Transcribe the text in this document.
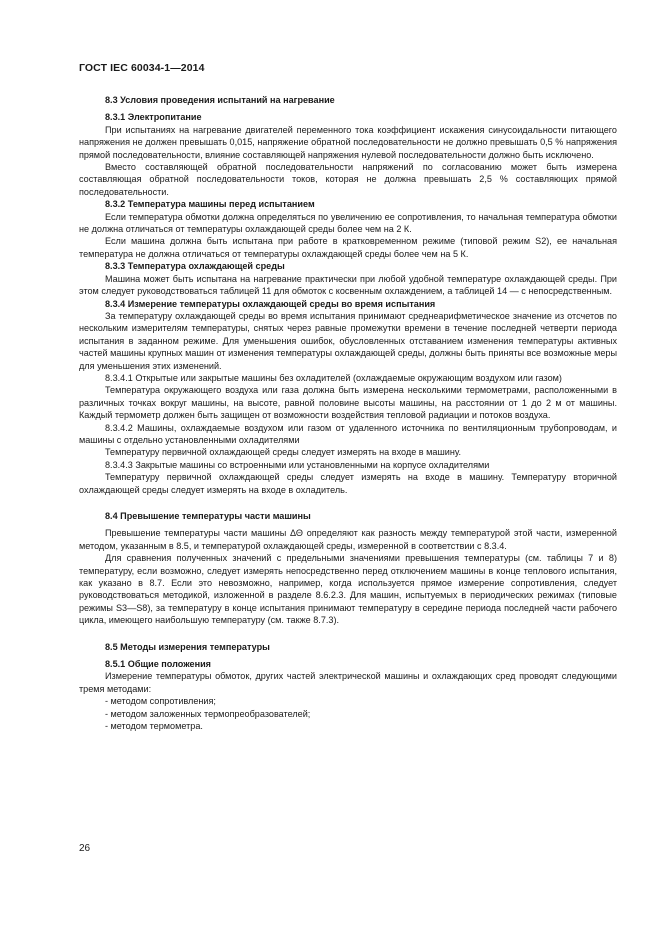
ГОСТ IEC 60034-1—2014
8.3 Условия проведения испытаний на нагревание
8.3.1 Электропитание
При испытаниях на нагревание двигателей переменного тока коэффициент искажения синусоидальности питающего напряжения не должен превышать 0,015, напряжение обратной последовательности не должно превышать 0,5 % напряжения прямой последовательности, влияние составляющей напряжения нулевой последовательности должно быть исключено.
Вместо составляющей обратной последовательности напряжений по согласованию может быть измерена составляющая обратной последовательности токов, которая не должна превышать 2,5 % составляющих прямой последовательности.
8.3.2 Температура машины перед испытанием
Если температура обмотки должна определяться по увеличению ее сопротивления, то начальная температура обмотки не должна отличаться от температуры охлаждающей среды более чем на 2 К.
Если машина должна быть испытана при работе в кратковременном режиме (типовой режим S2), ее начальная температура не должна отличаться от температуры охлаждающей среды более чем на 5 К.
8.3.3 Температура охлаждающей среды
Машина может быть испытана на нагревание практически при любой удобной температуре охлаждающей среды. При этом следует руководствоваться таблицей 11 для обмоток с косвенным охлаждением, а таблицей 14 — с непосредственным.
8.3.4 Измерение температуры охлаждающей среды во время испытания
За температуру охлаждающей среды во время испытания принимают среднеарифметическое значение из отсчетов по нескольким измерителям температуры, снятых через равные промежутки времени в течение последней четверти периода испытания в заданном режиме. Для уменьшения ошибок, обусловленных отставанием изменения температуры активных частей машины крупных машин от изменения температуры охлаждающей среды, должны быть приняты все возможные меры для уменьшения этих изменений.
8.3.4.1 Открытые или закрытые машины без охладителей (охлаждаемые окружающим воздухом или газом)
Температура окружающего воздуха или газа должна быть измерена несколькими термометрами, расположенными в различных точках вокруг машины, на высоте, равной половине высоты машины, на расстоянии от 1 до 2 м от машины. Каждый термометр должен быть защищен от возможности воздействия тепловой радиации и потоков воздуха.
8.3.4.2 Машины, охлаждаемые воздухом или газом от удаленного источника по вентиляционным трубопроводам, и машины с отдельно установленными охладителями
Температуру первичной охлаждающей среды следует измерять на входе в машину.
8.3.4.3 Закрытые машины со встроенными или установленными на корпусе охладителями
Температуру первичной охлаждающей среды следует измерять на входе в машину. Температуру вторичной охлаждающей среды следует измерять на входе в охладитель.
8.4 Превышение температуры части машины
Превышение температуры части машины ΔΘ определяют как разность между температурой этой части, измеренной методом, указанным в 8.5, и температурой охлаждающей среды, измеренной в соответствии с 8.3.4.
Для сравнения полученных значений с предельными значениями превышения температуры (см. таблицы 7 и 8) температуру, если возможно, следует измерять непосредственно перед отключением машины в конце теплового испытания, как указано в 8.7. Если это невозможно, например, когда используется прямое измерение сопротивления, следует руководствоваться методикой, изложенной в разделе 8.6.2.3. Для машин, испытуемых в периодических режимах (типовые режимы S3—S8), за температуру в конце испытания принимают температуру в середине периода последней части рабочего цикла, имеющего наибольшую температуру (см. также 8.7.3).
8.5 Методы измерения температуры
8.5.1 Общие положения
Измерение температуры обмоток, других частей электрической машины и охлаждающих сред проводят следующими тремя методами:
- методом сопротивления;
- методом заложенных термопреобразователей;
- методом термометра.
26
